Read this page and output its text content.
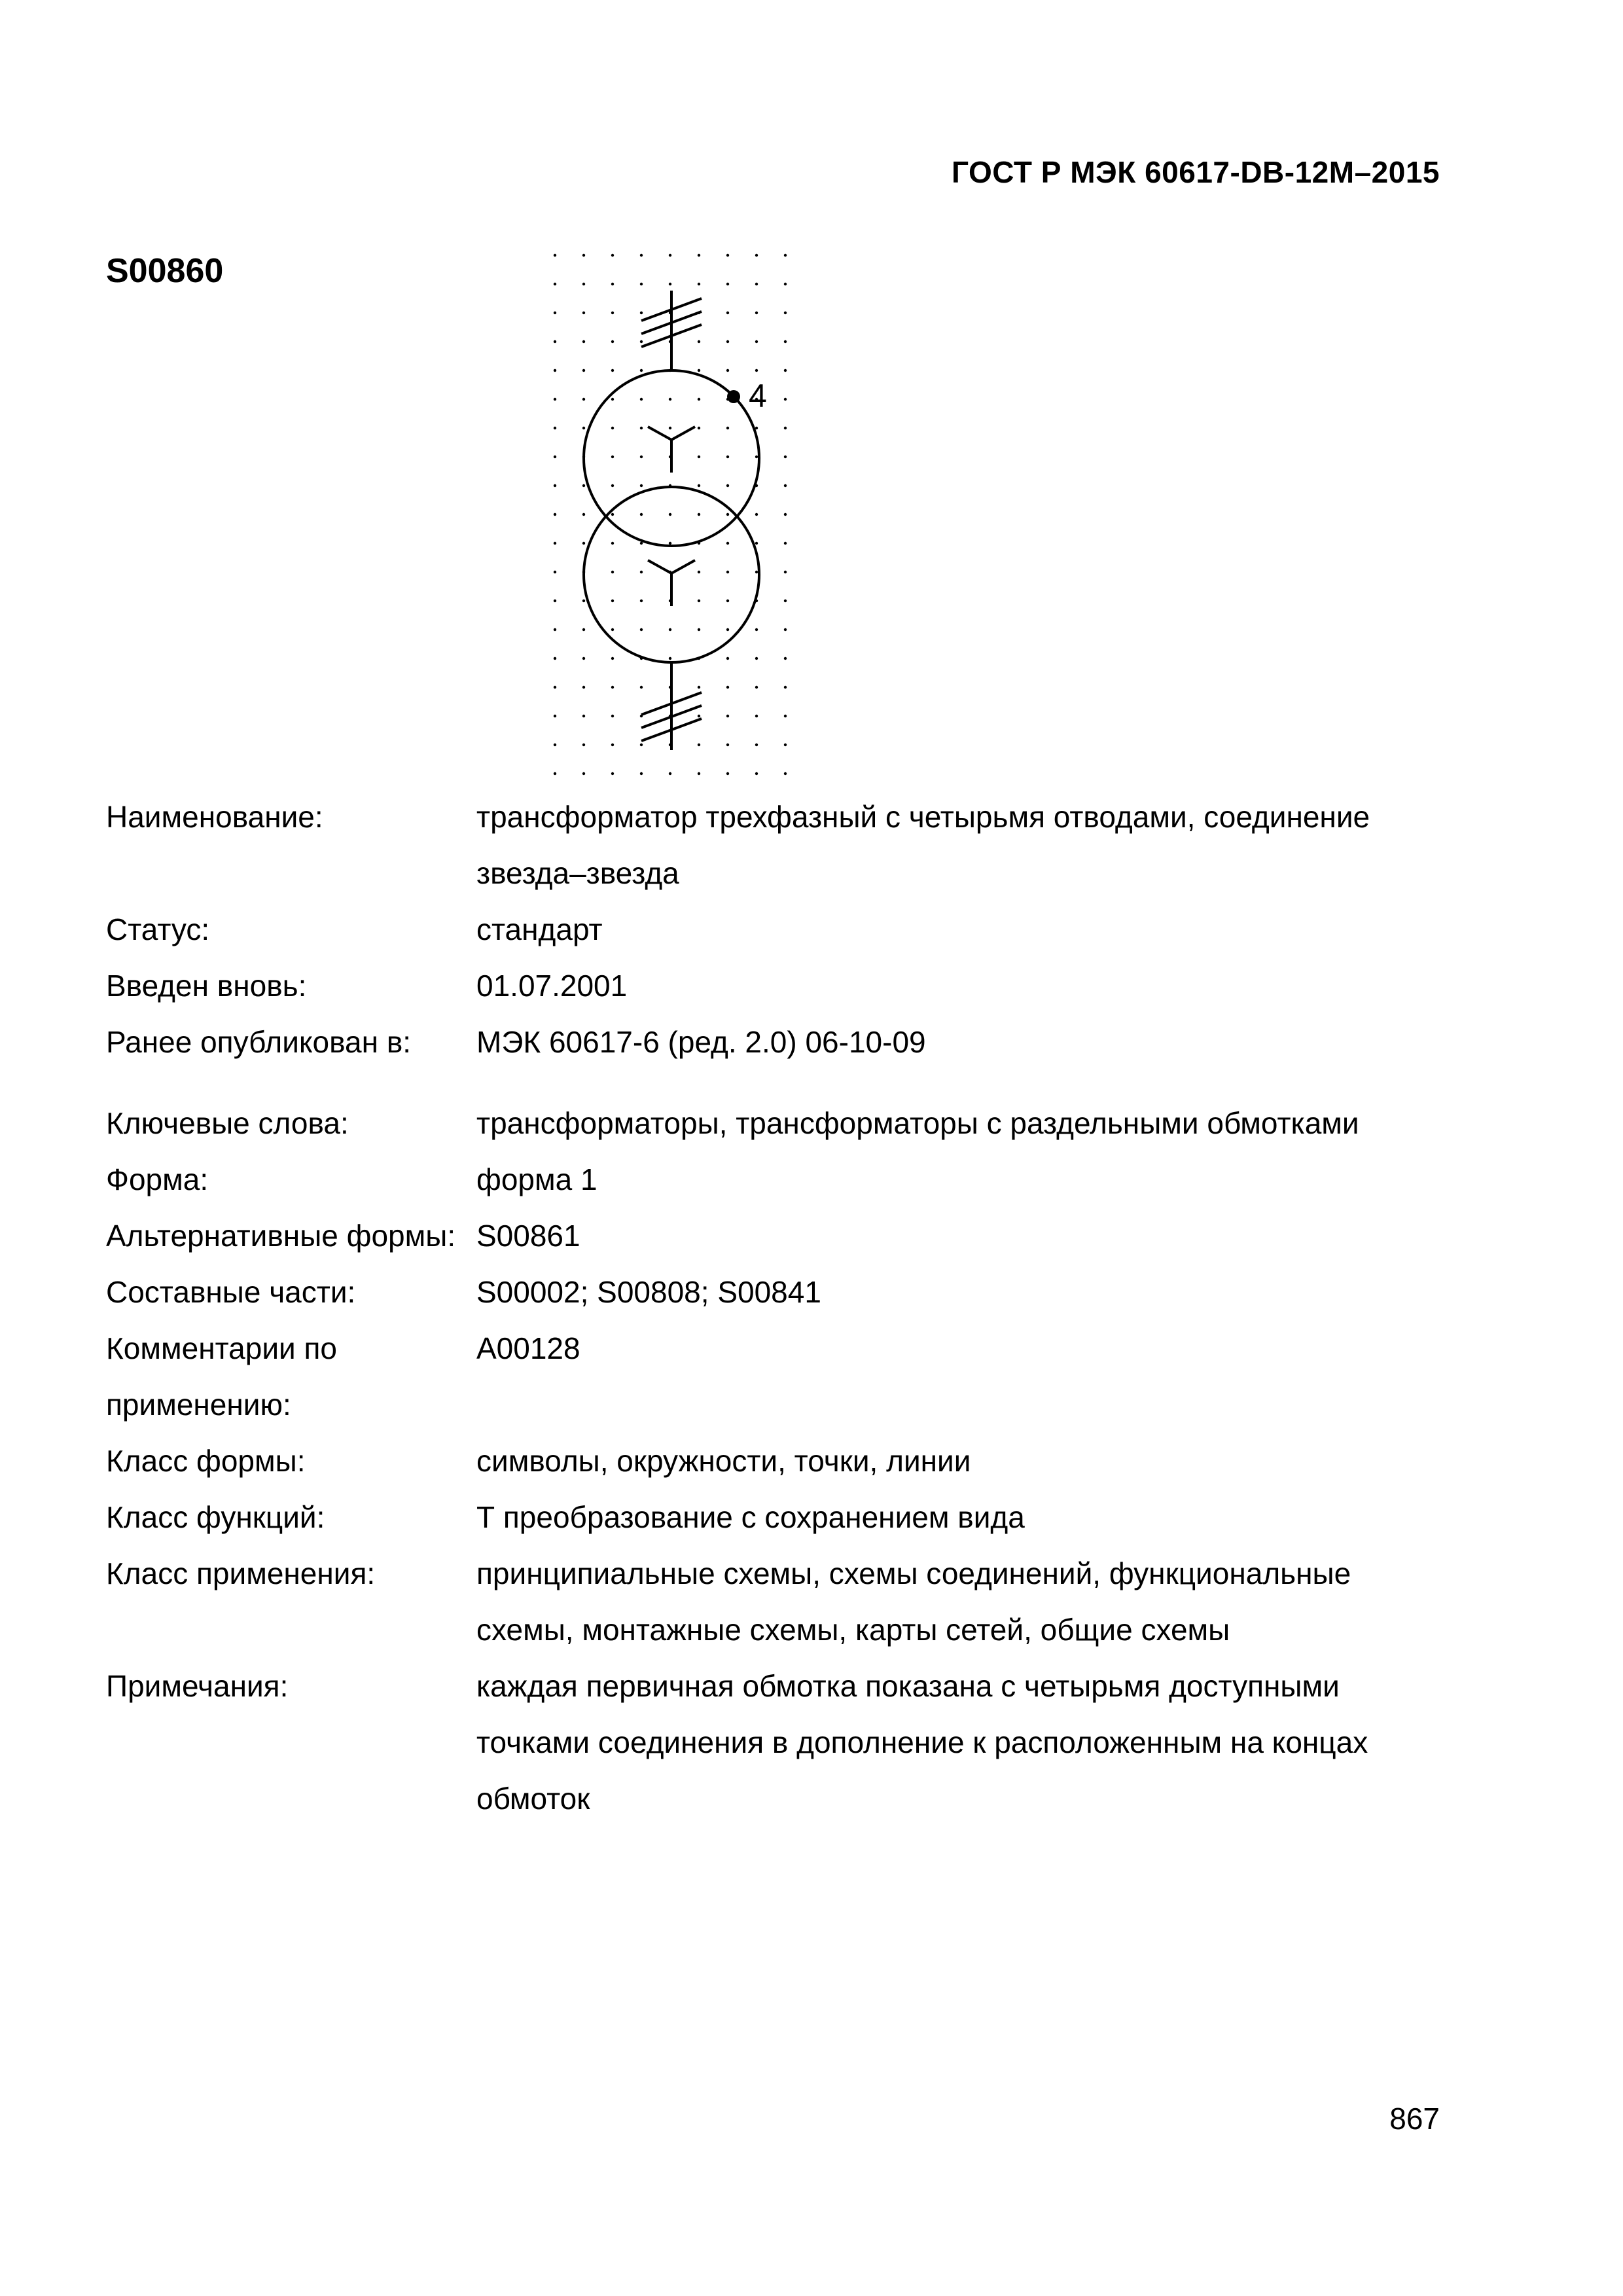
ГОСТ Р МЭК 60617-DB-12M–2015
S00860
4
Наименование:	трансформатор трехфазный с четырьмя отводами, соединение звезда–звезда
Статус:	стандарт
Введен вновь:	01.07.2001
Ранее опубликован в:	МЭК 60617-6 (ред. 2.0) 06-10-09
Ключевые слова:	трансформаторы, трансформаторы с раздельными обмотками
Форма:	форма 1
Альтернативные формы: S00861
Составные части:	S00002; S00808; S00841
Комментарии по применению:
A00128
Класс формы:	символы, окружности, точки, линии
Класс функций:	Т преобразование с сохранением вида
Класс применения:	принципиальные схемы, схемы соединений, функциональные схемы, монтажные схемы, карты сетей, общие схемы
Примечания:	каждая первичная обмотка показана с четырьмя доступными точками соединения в дополнение к расположенным на концах обмоток
867
